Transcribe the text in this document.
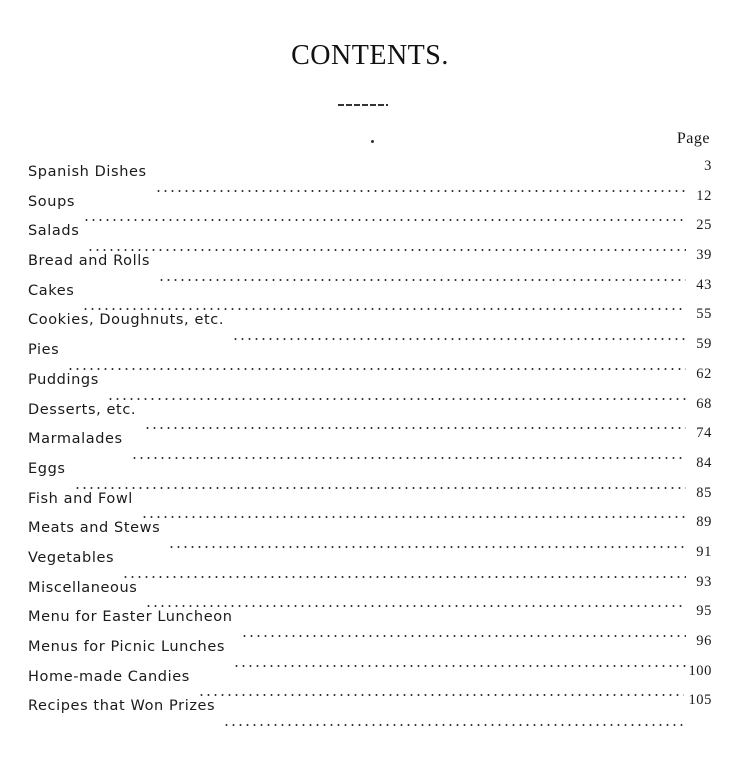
CONTENTS.
Page
Spanish Dishes	3
Soups	12
Salads	25
Bread and Rolls	39
Cakes	43
Cookies, Doughnuts, etc.	55
Pies	59
Puddings	62
Desserts, etc.	68
Marmalades	74
Eggs	84
Fish and Fowl	85
Meats and Stews	89
Vegetables	91
Miscellaneous	93
Menu for Easter Luncheon	95
Menus for Picnic Lunches	96
Home-made Candies	100
Recipes that Won Prizes	105
